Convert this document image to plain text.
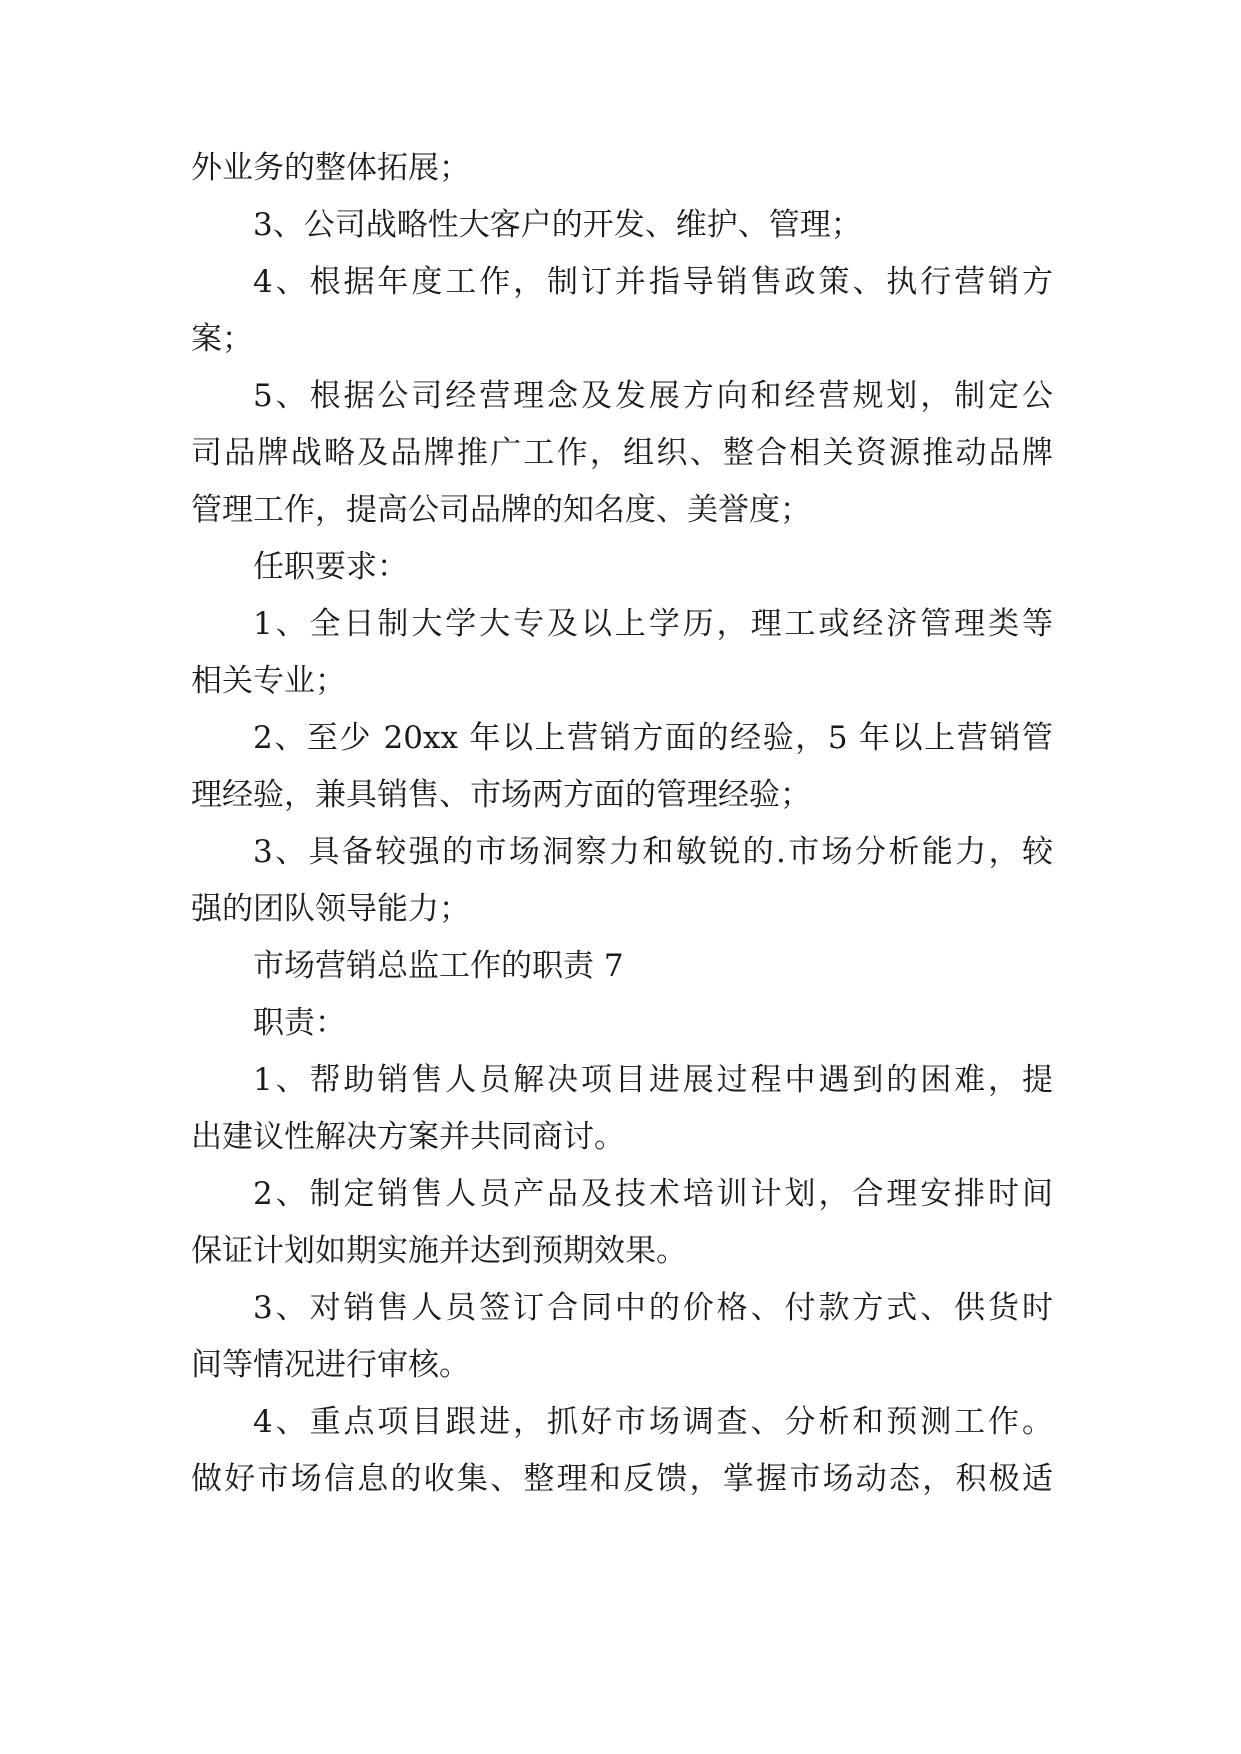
外业务的整体拓展；
3、公司战略性大客户的开发、维护、管理；
4、根据年度工作，制订并指导销售政策、执行营销方
案；
5、根据公司经营理念及发展方向和经营规划，制定公
司品牌战略及品牌推广工作，组织、整合相关资源推动品牌
管理工作，提高公司品牌的知名度、美誉度；
任职要求：
1、全日制大学大专及以上学历，理工或经济管理类等
相关专业；
2、至少 20xx 年以上营销方面的经验，5 年以上营销管
理经验，兼具销售、市场两方面的管理经验；
3、具备较强的市场洞察力和敏锐的.市场分析能力，较
强的团队领导能力；
市场营销总监工作的职责 7
职责：
1、帮助销售人员解决项目进展过程中遇到的困难，提
出建议性解决方案并共同商讨。
2、制定销售人员产品及技术培训计划，合理安排时间
保证计划如期实施并达到预期效果。
3、对销售人员签订合同中的价格、付款方式、供货时
间等情况进行审核。
4、重点项目跟进，抓好市场调查、分析和预测工作。
做好市场信息的收集、整理和反馈，掌握市场动态，积极适
